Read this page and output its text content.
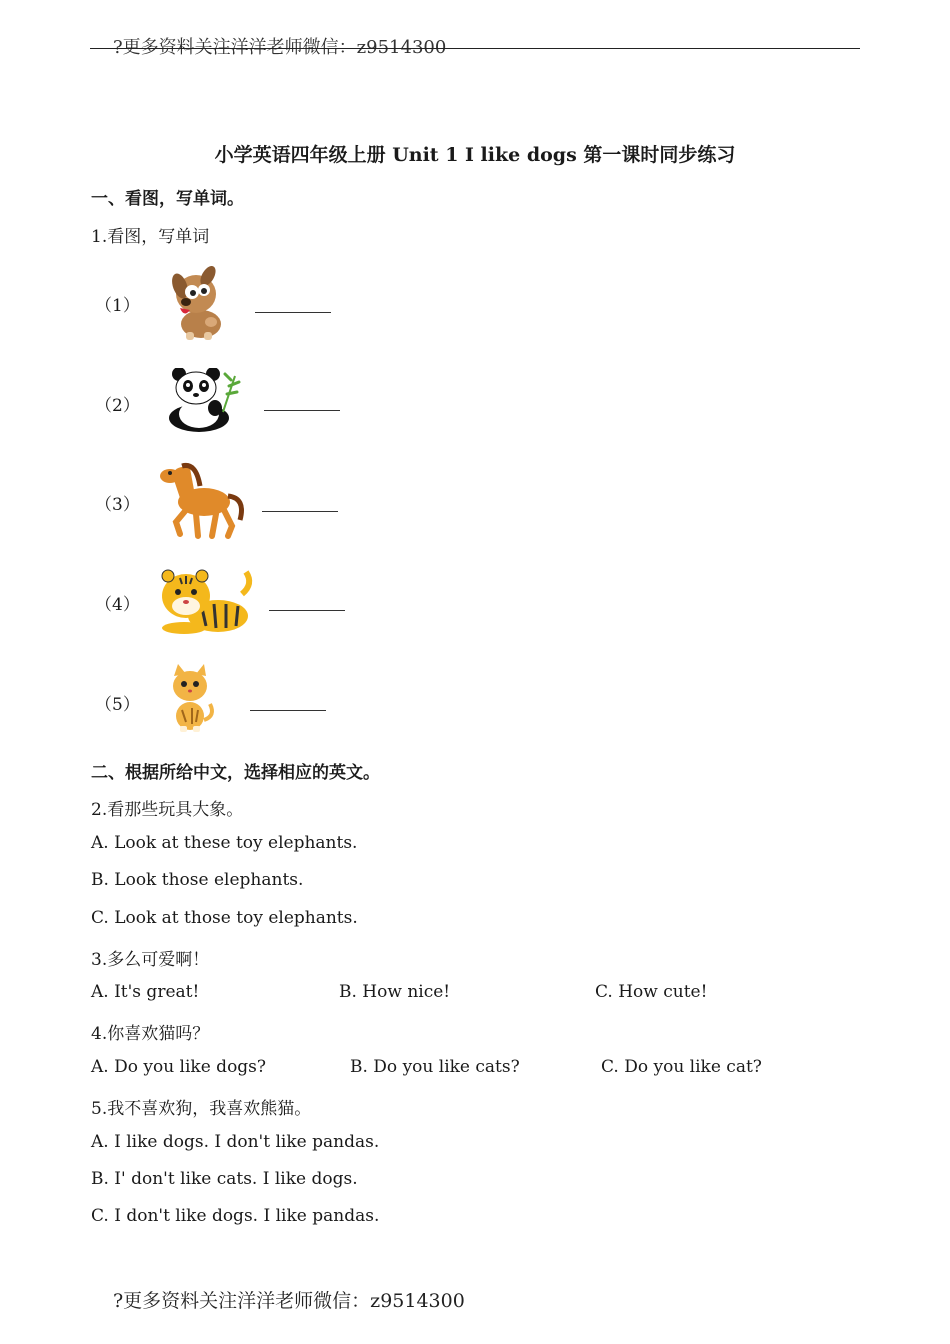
?更多资料关注洋洋老师微信：z9514300
小学英语四年级上册 Unit 1 I like dogs 第一课时同步练习
一、看图，写单词。
1.看图，写单词
（1）
（2）
（3）
（4）
（5）
二、根据所给中文，选择相应的英文。
2.看那些玩具大象。
A. Look at these toy elephants.
B. Look those elephants.
C. Look at those toy elephants.
3.多么可爱啊！
A. It's great!	B. How nice!	C. How cute!
4.你喜欢猫吗？
A. Do you like dogs?	B. Do you like cats?	C. Do you like cat?
5.我不喜欢狗，我喜欢熊猫。
A. I like dogs. I don't like pandas.
B. I' don't like cats. I like dogs.
C. I don't like dogs. I like pandas.
?更多资料关注洋洋老师微信：z9514300
